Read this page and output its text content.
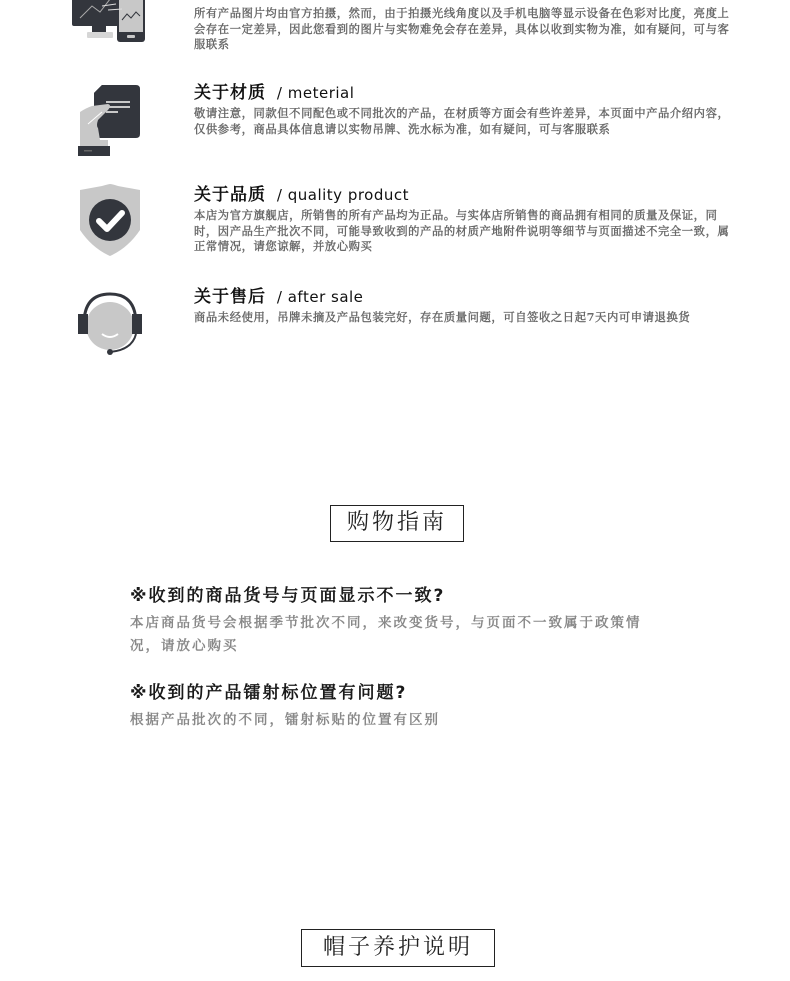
所有产品图片均由官方拍摄，然而，由于拍摄光线角度以及手机电脑等显示设备在色彩对比度，亮度上会存在一定差异，因此您看到的图片与实物难免会存在差异，具体以收到实物为准，如有疑问，可与客服联系
关于材质 / meterial
敬请注意，同款但不同配色或不同批次的产品，在材质等方面会有些许差异，本页面中产品介绍内容，仅供参考，商品具体信息请以实物吊牌、洗水标为准，如有疑问，可与客服联系
关于品质 / quality product
本店为官方旗舰店，所销售的所有产品均为正品。与实体店所销售的商品拥有相同的质量及保证，同时，因产品生产批次不同，可能导致收到的产品的材质产地附件说明等细节与页面描述不完全一致，属正常情况，请您谅解，并放心购买
关于售后 / after sale
商品未经使用，吊牌未摘及产品包装完好，存在质量问题，可自签收之日起7天内可申请退换货
购物指南
※收到的商品货号与页面显示不一致?
本店商品货号会根据季节批次不同，来改变货号，与页面不一致属于政策情况，请放心购买
※收到的产品镭射标位置有问题?
根据产品批次的不同，镭射标贴的位置有区别
帽子养护说明
